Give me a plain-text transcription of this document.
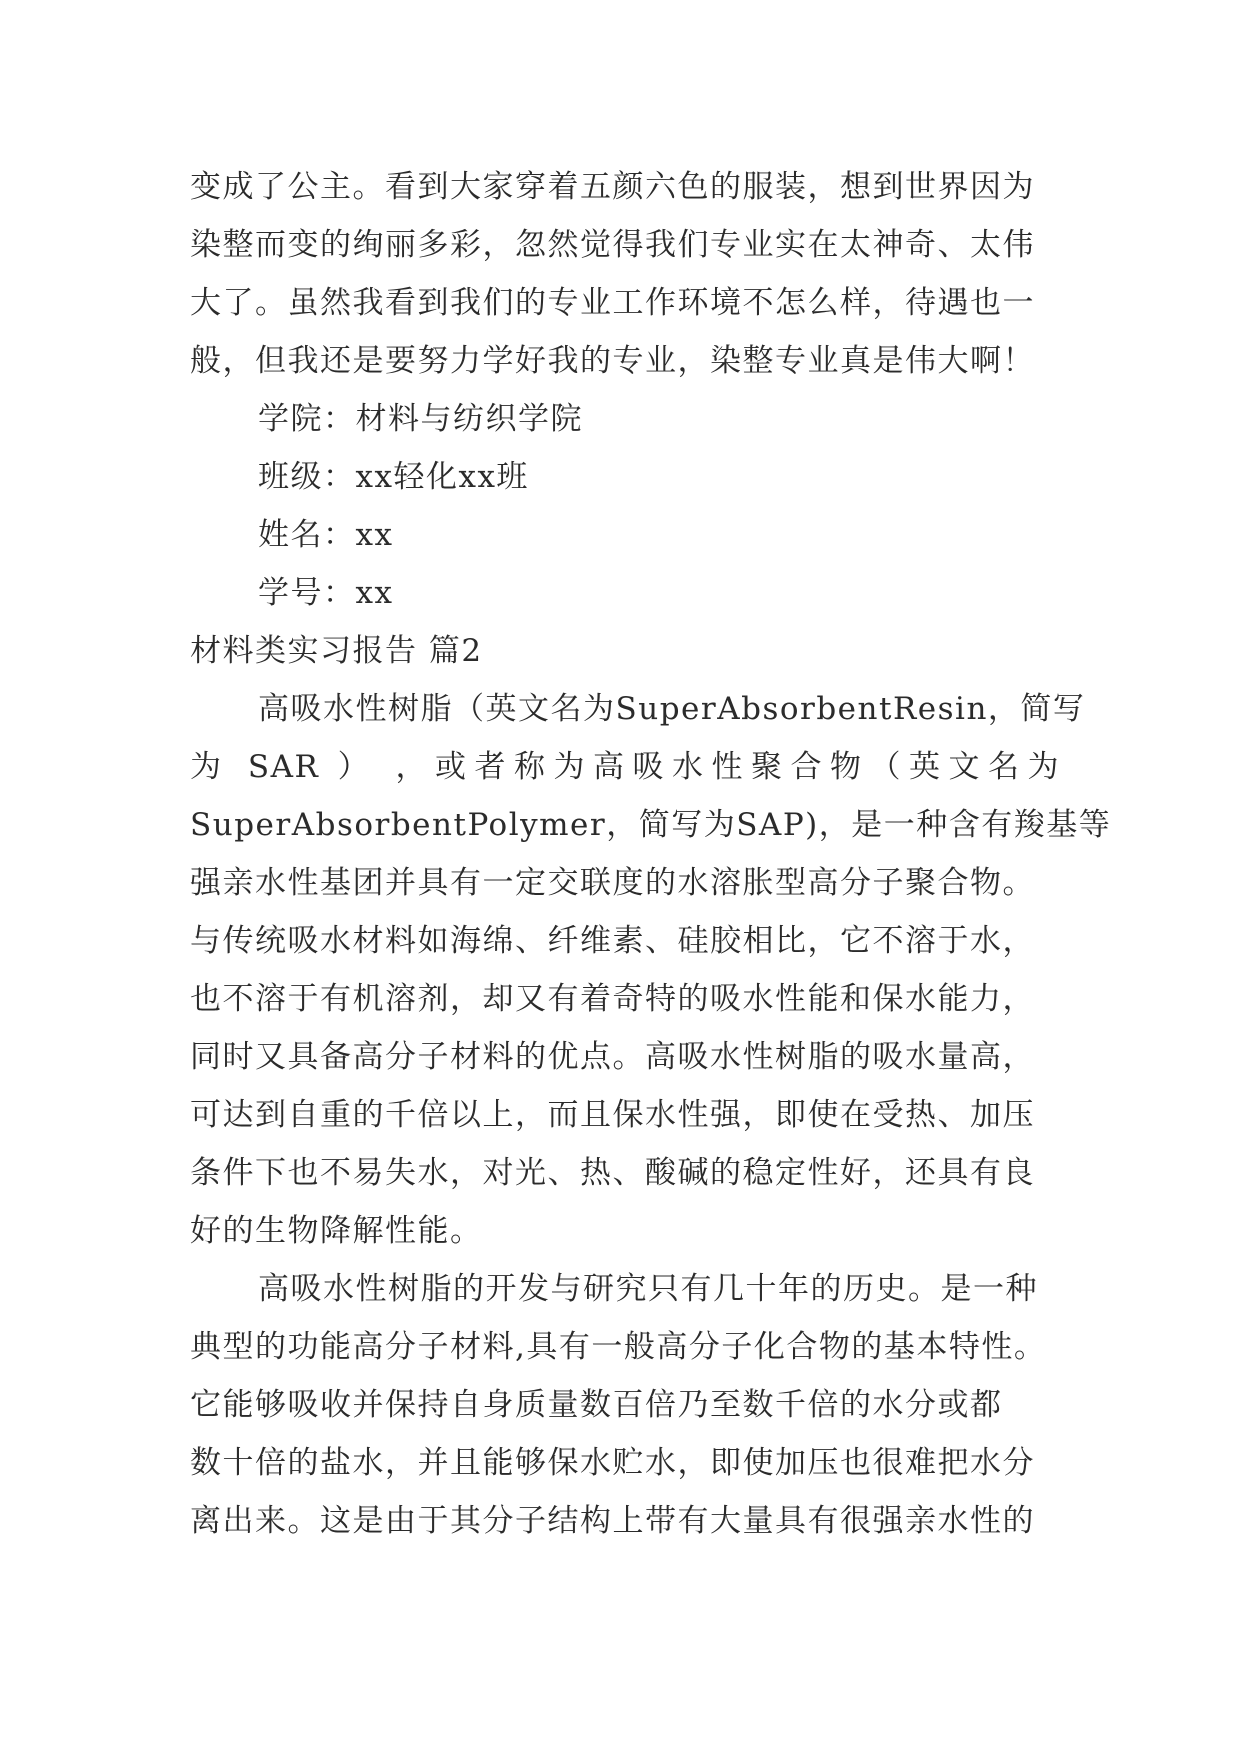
变成了公主。看到大家穿着五颜六色的服装，想到世界因为
染整而变的绚丽多彩，忽然觉得我们专业实在太神奇、太伟
大了。虽然我看到我们的专业工作环境不怎么样，待遇也一
般，但我还是要努力学好我的专业，染整专业真是伟大啊！

学院：材料与纺织学院

班级：xx轻化xx班

姓名：xx

学号：xx

材料类实习报告 篇2

高吸水性树脂（英文名为SuperAbsorbentResin，简写
为 SAR ） ，或者称为高吸水性聚合物（英文名为
SuperAbsorbentPolymer，简写为SAP)，是一种含有羧基等
强亲水性基团并具有一定交联度的水溶胀型高分子聚合物。
与传统吸水材料如海绵、纤维素、硅胶相比，它不溶于水，
也不溶于有机溶剂，却又有着奇特的吸水性能和保水能力，
同时又具备高分子材料的优点。高吸水性树脂的吸水量高，
可达到自重的千倍以上，而且保水性强，即使在受热、加压
条件下也不易失水，对光、热、酸碱的稳定性好，还具有良
好的生物降解性能。
高吸水性树脂的开发与研究只有几十年的历史。是一种
典型的功能高分子材料,具有一般高分子化合物的基本特性。
它能够吸收并保持自身质量数百倍乃至数千倍的水分或都
数十倍的盐水，并且能够保水贮水，即使加压也很难把水分
离出来。这是由于其分子结构上带有大量具有很强亲水性的
